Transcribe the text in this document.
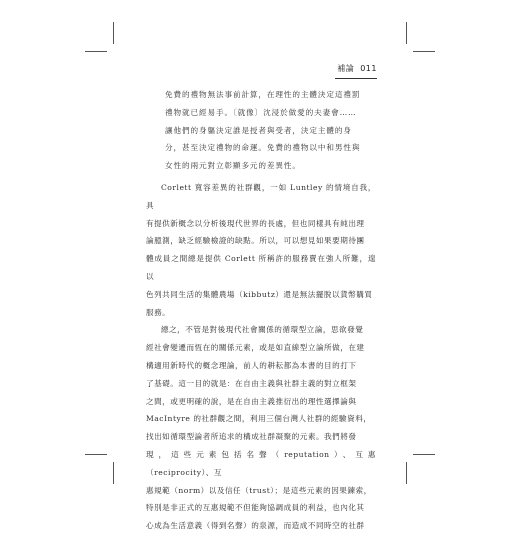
補論 011

免費的禮物無法事前計算，在理性的主體決定這禮罰

禮物就已經易手。〔就像〕沈浸於做愛的夫妻會……

讓他們的身軀決定誰是授者與受者，決定主體的身

分，甚至決定禮物的命運。免費的禮物以中和男性與

女性的兩元對立彰顯多元的差異性。

Corlett 寬容差異的社群觀，一如 Luntley 的情境自我，具

有提供新概念以分析後現代世界的長處，但也同樣具有純出理

論臆測，缺乏經驗檢證的缺點。所以，可以想見如果要期待團

體成員之間總是提供 Corlett 所稱許的服務賣在強人所難，遑以

色列共同生活的集體農場（kibbutz）還是無法擺脫以貨幣購買

服務。

總之，不管是對後現代社會關係的循環型立論，思欲發覺

經社會變遷而恆在的關係元素，或是如直線型立論所做，在建

構適用新時代的概念理論，前人的耕耘都為本書的目的打下

了基礎。這一目的就是：在自由主義與社群主義的對立框架

之間，或更明確的說，是在自由主義推衍出的理性選擇論與

MacIntyre 的社群觀之間，利用三個台灣人社群的經驗資料，

找出如循環型論者所追求的構成社群凝聚的元素。我們將發

現，這些元素包括名聲（reputation）、互惠（reciprocity）、互

惠規範（norm）以及信任（trust）；是這些元素的因果鍊索，

特別是非正式的互惠規範不但能夠協調成員的利益，也內化其

心成為生活意義（得到名聲）的泉源，而造成不同時空的社群
